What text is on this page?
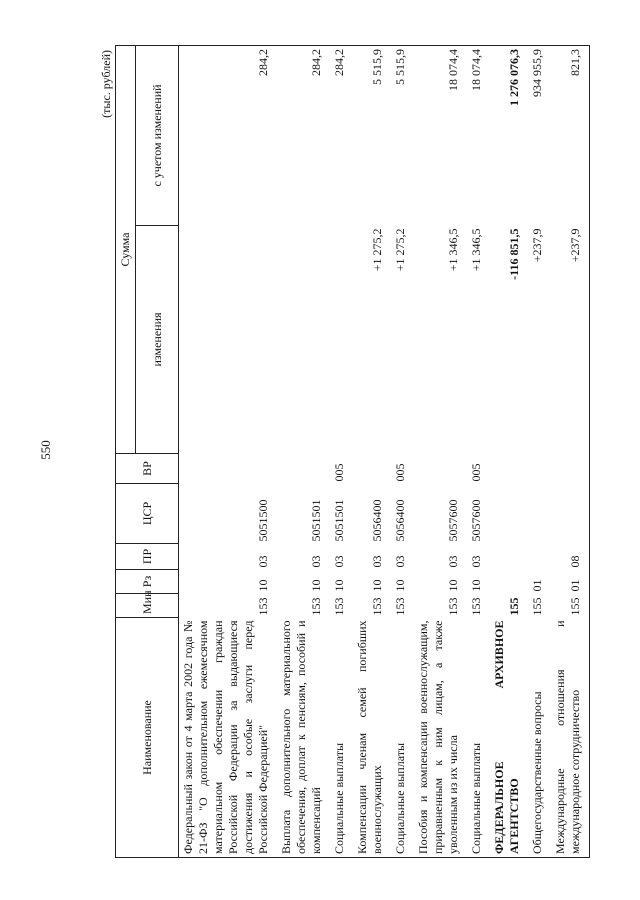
550
(тыс. рублей)
Наименование	Мин	Рз	ПР	ЦСР	ВР	Сумма	
						изменения	с учетом изменений
Федеральный закон от 4 марта 2002 года № 21-ФЗ "О дополнительном ежемесячном материальном обеспечении граждан Российской Федерации за выдающиеся достижения и особые заслуги перед Российской Федерацией"	153	10	03	5051500			284,2
Выплата дополнительного материального обеспечения, доплат к пенсиям, пособий и компенсаций	153	10	03	5051501			284,2
Социальные выплаты	153	10	03	5051501	005		284,2
Компенсации членам семей погибших военнослужащих	153	10	03	5056400		+1 275,2	5 515,9
Социальные выплаты	153	10	03	5056400	005	+1 275,2	5 515,9
Пособия и компенсации военнослужащим, приравненным к ним лицам, а также уволенным из их числа	153	10	03	5057600		+1 346,5	18 074,4
Социальные выплаты	153	10	03	5057600	005	+1 346,5	18 074,4
ФЕДЕРАЛЬНОЕ АРХИВНОЕ АГЕНТСТВО	155					-116 851,5	1 276 076,3
Общегосударственные вопросы	155	01				+237,9	934 955,9
Международные отношения и международное сотрудничество	155	01	08			+237,9	821,3
